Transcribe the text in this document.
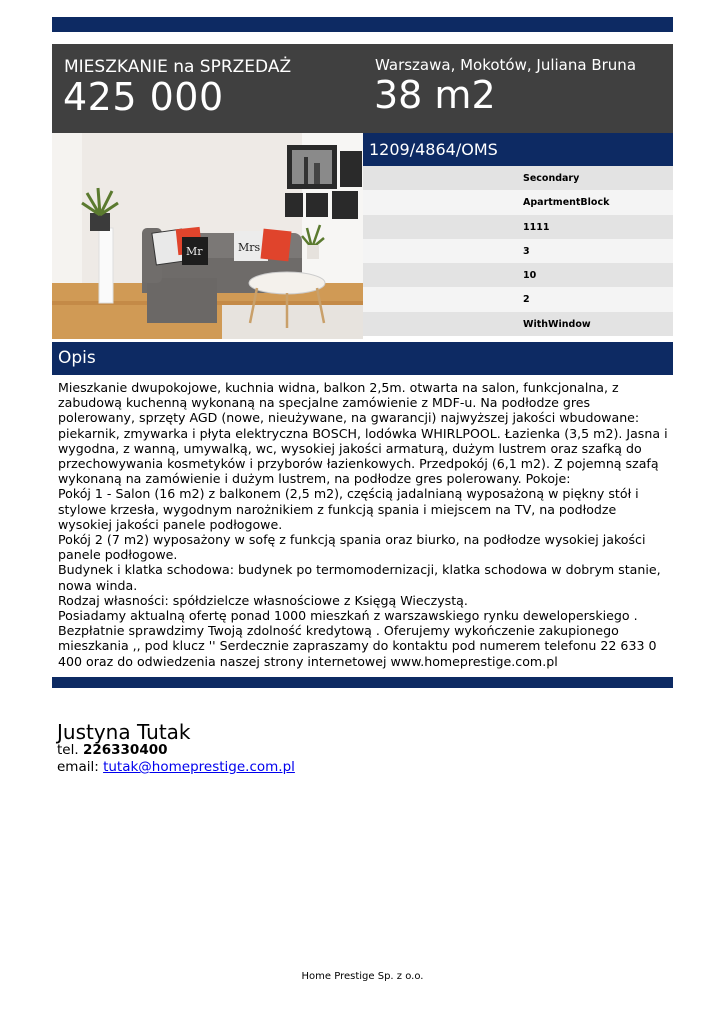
MIESZKANIE na SPRZEDAŻ
425 000
Warszawa, Mokotów, Juliana Bruna
38 m2
Mr	Mrs
1209/4864/OMS
Secondary
ApartmentBlock
1111
3
10
2
WithWindow
Opis
Mieszkanie dwupokojowe, kuchnia widna, balkon 2,5m. otwarta na salon, funkcjonalna, z zabudową kuchenną wykonaną na specjalne zamówienie z MDF-u. Na podłodze gres polerowany, sprzęty AGD (nowe, nieużywane, na gwarancji) najwyższej jakości wbudowane: piekarnik, zmywarka i płyta elektryczna BOSCH, lodówka WHIRLPOOL. Łazienka (3,5 m2). Jasna i wygodna, z wanną, umywalką, wc, wysokiej jakości armaturą, dużym lustrem oraz szafką do przechowywania kosmetyków i przyborów łazienkowych. Przedpokój (6,1 m2). Z pojemną szafą wykonaną na zamówienie i dużym lustrem, na podłodze gres polerowany. Pokoje:
Pokój 1 - Salon (16 m2) z balkonem (2,5 m2), częścią jadalnianą wyposażoną w piękny stół i stylowe krzesła, wygodnym narożnikiem z funkcją spania i miejscem na TV, na podłodze wysokiej jakości panele podłogowe.
Pokój 2 (7 m2) wyposażony w sofę z funkcją spania oraz biurko, na podłodze wysokiej jakości panele podłogowe.
Budynek i klatka schodowa: budynek po termomodernizacji, klatka schodowa w dobrym stanie, nowa winda.
Rodzaj własności: spółdzielcze własnościowe z Księgą Wieczystą.
Posiadamy aktualną ofertę ponad 1000 mieszkań z warszawskiego rynku deweloperskiego .
Bezpłatnie sprawdzimy Twoją zdolność kredytową . Oferujemy wykończenie zakupionego mieszkania ,, pod klucz '' Serdecznie zapraszamy do kontaktu pod numerem telefonu 22 633 0 400 oraz do odwiedzenia naszej strony internetowej www.homeprestige.com.pl
Justyna Tutak
tel. 226330400
email: tutak@homeprestige.com.pl
Home Prestige Sp. z o.o.
